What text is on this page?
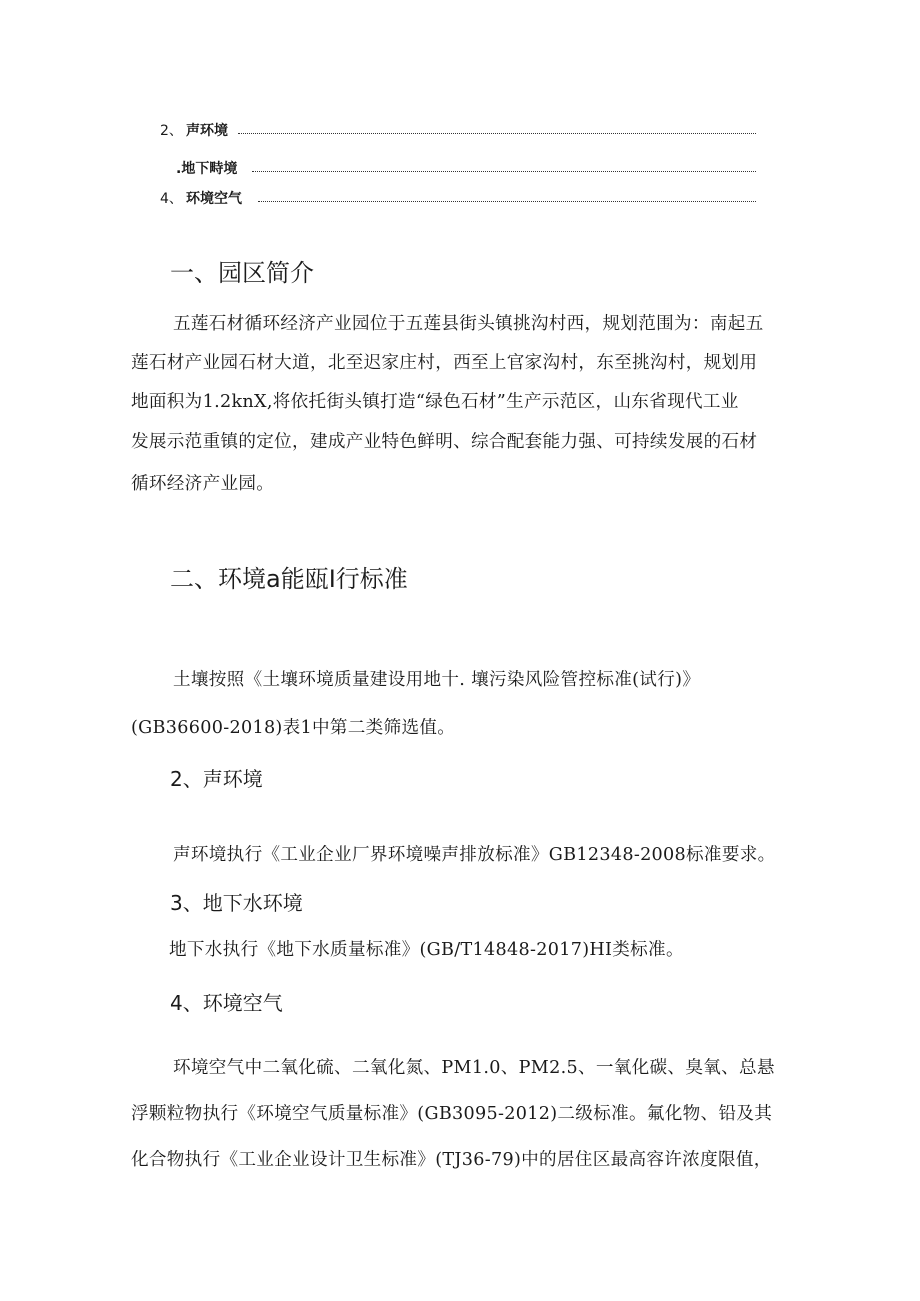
2、 声环境
.地下畤境
4、 环境空气
一、园区简介
五莲石材循环经济产业园位于五莲县街头镇挑沟村西，规划范围为：南起五
莲石材产业园石材大道，北至迟家庄村，西至上官家沟村，东至挑沟村，规划用
地面积为1.2knX,将依托街头镇打造“绿色石材”生产示范区，山东省现代工业
发展示范重镇的定位，建成产业特色鲜明、综合配套能力强、可持续发展的石材
循环经济产业园。
二、环境a能瓯I行标准
土壤按照《土壤环境质量建设用地十. 壤污染风险管控标准(试行)》
(GB36600-2018)表1中第二类筛选值。
2、声环境
声环境执行《工业企业厂界环境噪声排放标准》GB12348-2008标准要求。
3、地下水环境
地下水执行《地下水质量标准》(GB/T14848-2017)HI类标准。
4、环境空气
环境空气中二氧化硫、二氧化氮、PM1.0、PM2.5、一氧化碳、臭氧、总悬
浮颗粒物执行《环境空气质量标准》(GB3095-2012)二级标准。氟化物、铅及其
化合物执行《工业企业设计卫生标准》(TJ36-79)中的居住区最高容许浓度限值，
